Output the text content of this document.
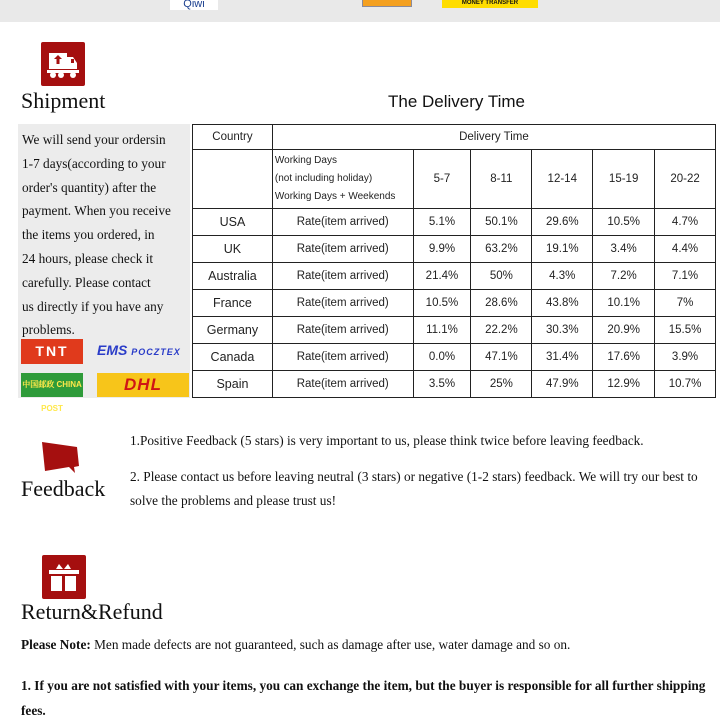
Qiwi	MONEY TRANSFER
Shipment	The Delivery Time
We will send your ordersin
1-7 days(according to your
order's quantity) after the
payment. When you receive
the items you ordered, in
24 hours, please check it
carefully. Please contact
us directly if you have any
problems.
TNT	EMS POCZTEX
中国邮政 CHINA POST
DHL
Country	Delivery Time					

	Working Days
(not including holiday)
Working Days + Weekends	5-7	8-11	12-14	15-19	20-22
USA	Rate(item arrived)	5.1%	50.1%	29.6%	10.5%	4.7%
UK	Rate(item arrived)	9.9%	63.2%	19.1%	3.4%	4.4%
Australia	Rate(item arrived)	21.4%	50%	4.3%	7.2%	7.1%
France	Rate(item arrived)	10.5%	28.6%	43.8%	10.1%	7%
Germany	Rate(item arrived)	11.1%	22.2%	30.3%	20.9%	15.5%
Canada	Rate(item arrived)	0.0%	47.1%	31.4%	17.6%	3.9%
Spain	Rate(item arrived)	3.5%	25%	47.9%	12.9%	10.7%
Feedback
1.Positive Feedback (5 stars) is very important to us, please think twice before leaving feedback.
2. Please contact us before leaving neutral (3 stars) or negative (1-2 stars) feedback. We will try our best to solve the problems and please trust us!
Return&Refund
Please Note: Men made defects are not guaranteed, such as damage after use, water damage and so on.
1. If you are not satisfied with your items, you can exchange the item, but the buyer is responsible for all further shipping fees.
